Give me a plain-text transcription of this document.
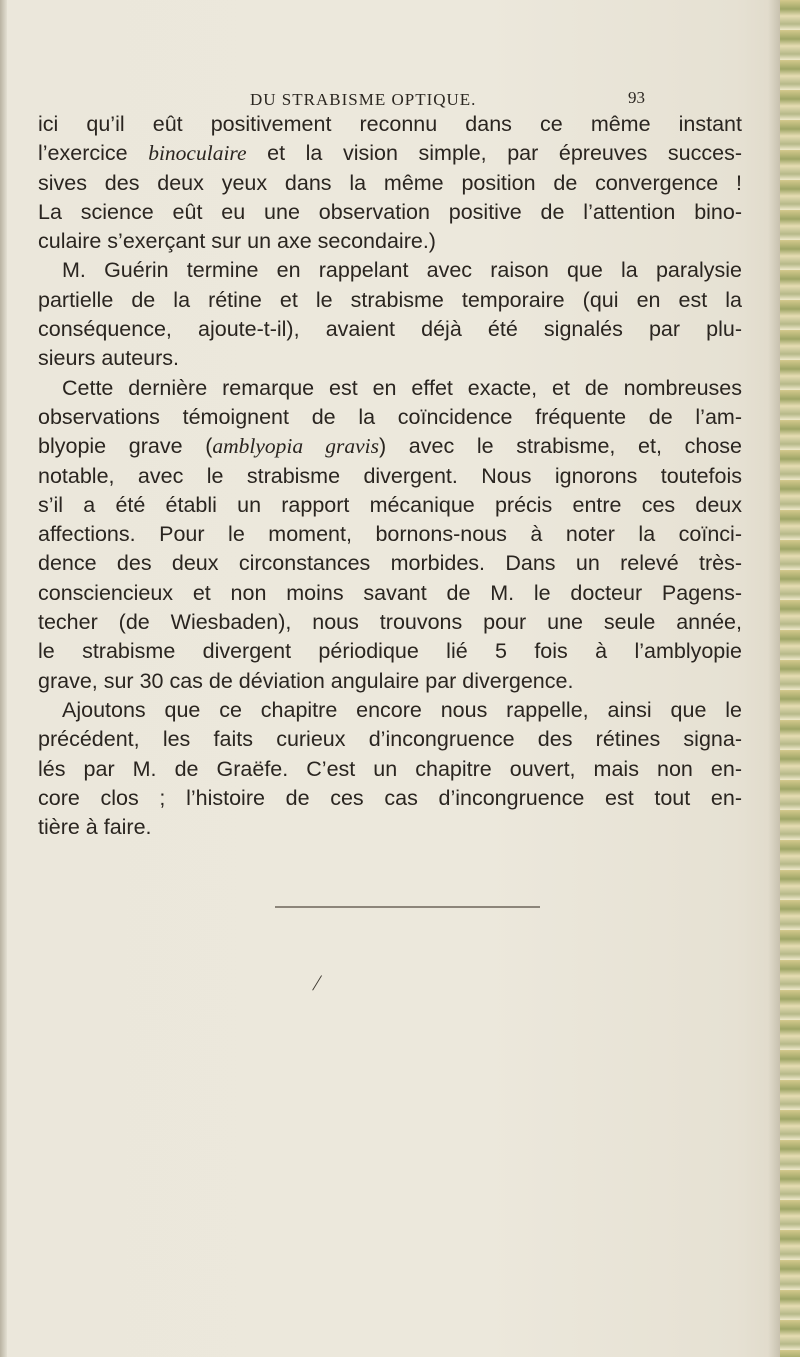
DU STRABISME OPTIQUE.	93
ici qu’il eût positivement reconnu dans ce même instant
l’exercice binoculaire et la vision simple, par épreuves succes-
sives des deux yeux dans la même position de convergence !
La science eût eu une observation positive de l’attention bino-
culaire s’exerçant sur un axe secondaire.)
M. Guérin termine en rappelant avec raison que la paralysie
partielle de la rétine et le strabisme temporaire (qui en est la
conséquence, ajoute-t-il), avaient déjà été signalés par plu-
sieurs auteurs.
Cette dernière remarque est en effet exacte, et de nombreuses
observations témoignent de la coïncidence fréquente de l’am-
blyopie grave (amblyopia gravis) avec le strabisme, et, chose
notable, avec le strabisme divergent. Nous ignorons toutefois
s’il a été établi un rapport mécanique précis entre ces deux
affections. Pour le moment, bornons-nous à noter la coïnci-
dence des deux circonstances morbides. Dans un relevé très-
consciencieux et non moins savant de M. le docteur Pagens-
techer (de Wiesbaden), nous trouvons pour une seule année,
le strabisme divergent périodique lié 5 fois à l’amblyopie
grave, sur 30 cas de déviation angulaire par divergence.
Ajoutons que ce chapitre encore nous rappelle, ainsi que le
précédent, les faits curieux d’incongruence des rétines signa-
lés par M. de Graëfe. C’est un chapitre ouvert, mais non en-
core clos ; l’histoire de ces cas d’incongruence est tout en-
tière à faire.
/
